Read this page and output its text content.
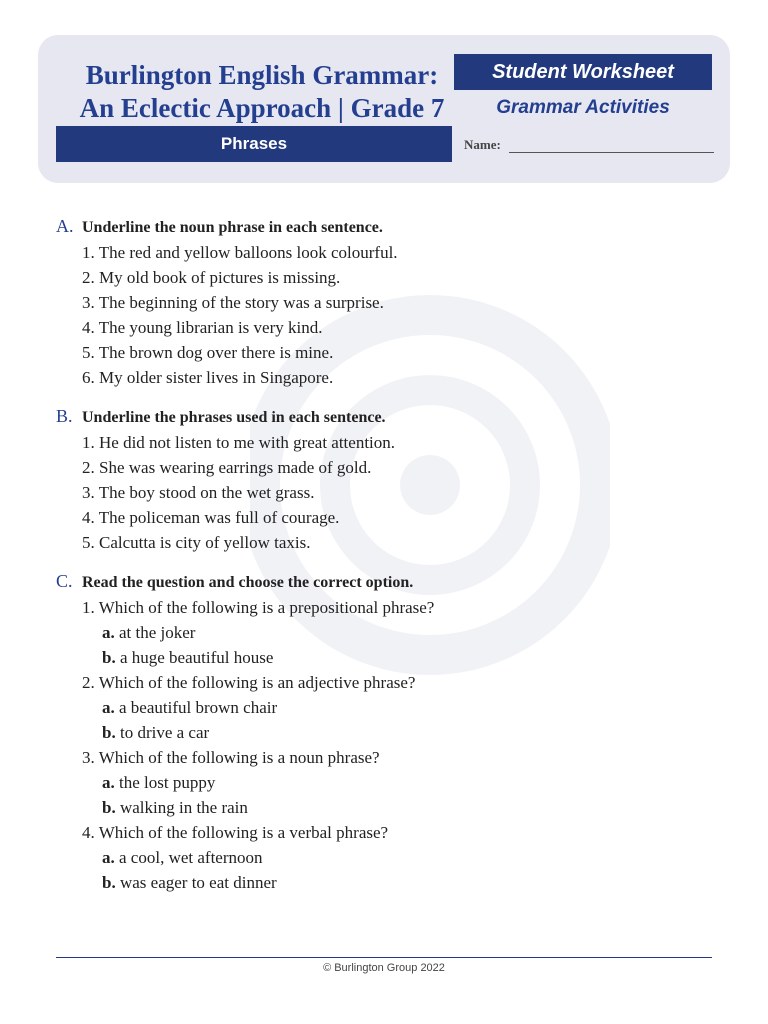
Burlington English Grammar:
An Eclectic Approach | Grade 7
Student Worksheet
Grammar Activities
Phrases	Name:
A. Underline the noun phrase in each sentence.
1. The red and yellow balloons look colourful.
2. My old book of pictures is missing.
3. The beginning of the story was a surprise.
4. The young librarian is very kind.
5. The brown dog over there is mine.
6. My older sister lives in Singapore.
B. Underline the phrases used in each sentence.
1. He did not listen to me with great attention.
2. She was wearing earrings made of gold.
3. The boy stood on the wet grass.
4. The policeman was full of courage.
5. Calcutta is city of yellow taxis.
C. Read the question and choose the correct option.
1. Which of the following is a prepositional phrase?
a. at the joker
b. a huge beautiful house
2. Which of the following is an adjective phrase?
a. a beautiful brown chair
b. to drive a car
3. Which of the following is a noun phrase?
a. the lost puppy
b. walking in the rain
4. Which of the following is a verbal phrase?
a. a cool, wet afternoon
b. was eager to eat dinner
© Burlington Group 2022
